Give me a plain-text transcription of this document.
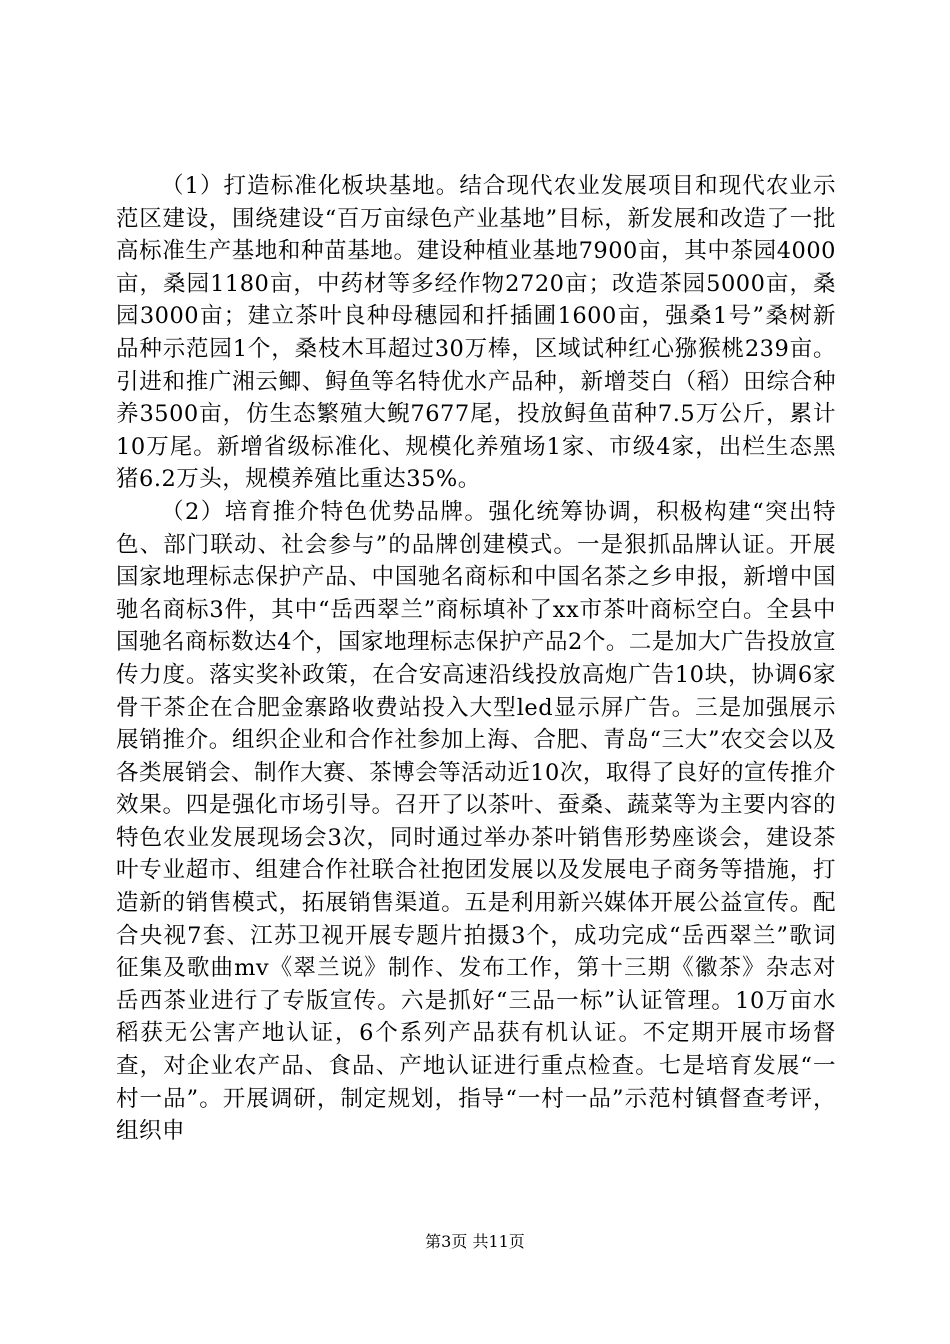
（1）打造标准化板块基地。结合现代农业发展项目和现代农业示范区建设，围绕建设“百万亩绿色产业基地”目标，新发展和改造了一批高标准生产基地和种苗基地。建设种植业基地7900亩，其中茶园4000亩，桑园1180亩，中药材等多经作物2720亩；改造茶园5000亩，桑园3000亩；建立茶叶良种母穗园和扦插圃1600亩，强桑1号”桑树新品种示范园1个，桑枝木耳超过30万棒，区域试种红心猕猴桃239亩。引进和推广湘云鲫、鲟鱼等名特优水产品种，新增茭白（稻）田综合种养3500亩，仿生态繁殖大鲵7677尾，投放鲟鱼苗种7.5万公斤，累计10万尾。新增省级标准化、规模化养殖场1家、市级4家，出栏生态黑猪6.2万头，规模养殖比重达35%。

（2）培育推介特色优势品牌。强化统筹协调，积极构建“突出特色、部门联动、社会参与”的品牌创建模式。一是狠抓品牌认证。开展国家地理标志保护产品、中国驰名商标和中国名茶之乡申报，新增中国驰名商标3件，其中“岳西翠兰”商标填补了xx市茶叶商标空白。全县中国驰名商标数达4个，国家地理标志保护产品2个。二是加大广告投放宣传力度。落实奖补政策，在合安高速沿线投放高炮广告10块，协调6家骨干茶企在合肥金寨路收费站投入大型led显示屏广告。三是加强展示展销推介。组织企业和合作社参加上海、合肥、青岛“三大”农交会以及各类展销会、制作大赛、茶博会等活动近10次，取得了良好的宣传推介效果。四是强化市场引导。召开了以茶叶、蚕桑、蔬菜等为主要内容的特色农业发展现场会3次，同时通过举办茶叶销售形势座谈会，建设茶叶专业超市、组建合作社联合社抱团发展以及发展电子商务等措施，打造新的销售模式，拓展销售渠道。五是利用新兴媒体开展公益宣传。配合央视7套、江苏卫视开展专题片拍摄3个，成功完成“岳西翠兰”歌词征集及歌曲mv《翠兰说》制作、发布工作，第十三期《徽茶》杂志对岳西茶业进行了专版宣传。六是抓好“三品一标”认证管理。10万亩水稻获无公害产地认证，6个系列产品获有机认证。不定期开展市场督查，对企业农产品、食品、产地认证进行重点检查。七是培育发展“一村一品”。开展调研，制定规划，指导“一村一品”示范村镇督查考评，组织申

第3页 共11页
